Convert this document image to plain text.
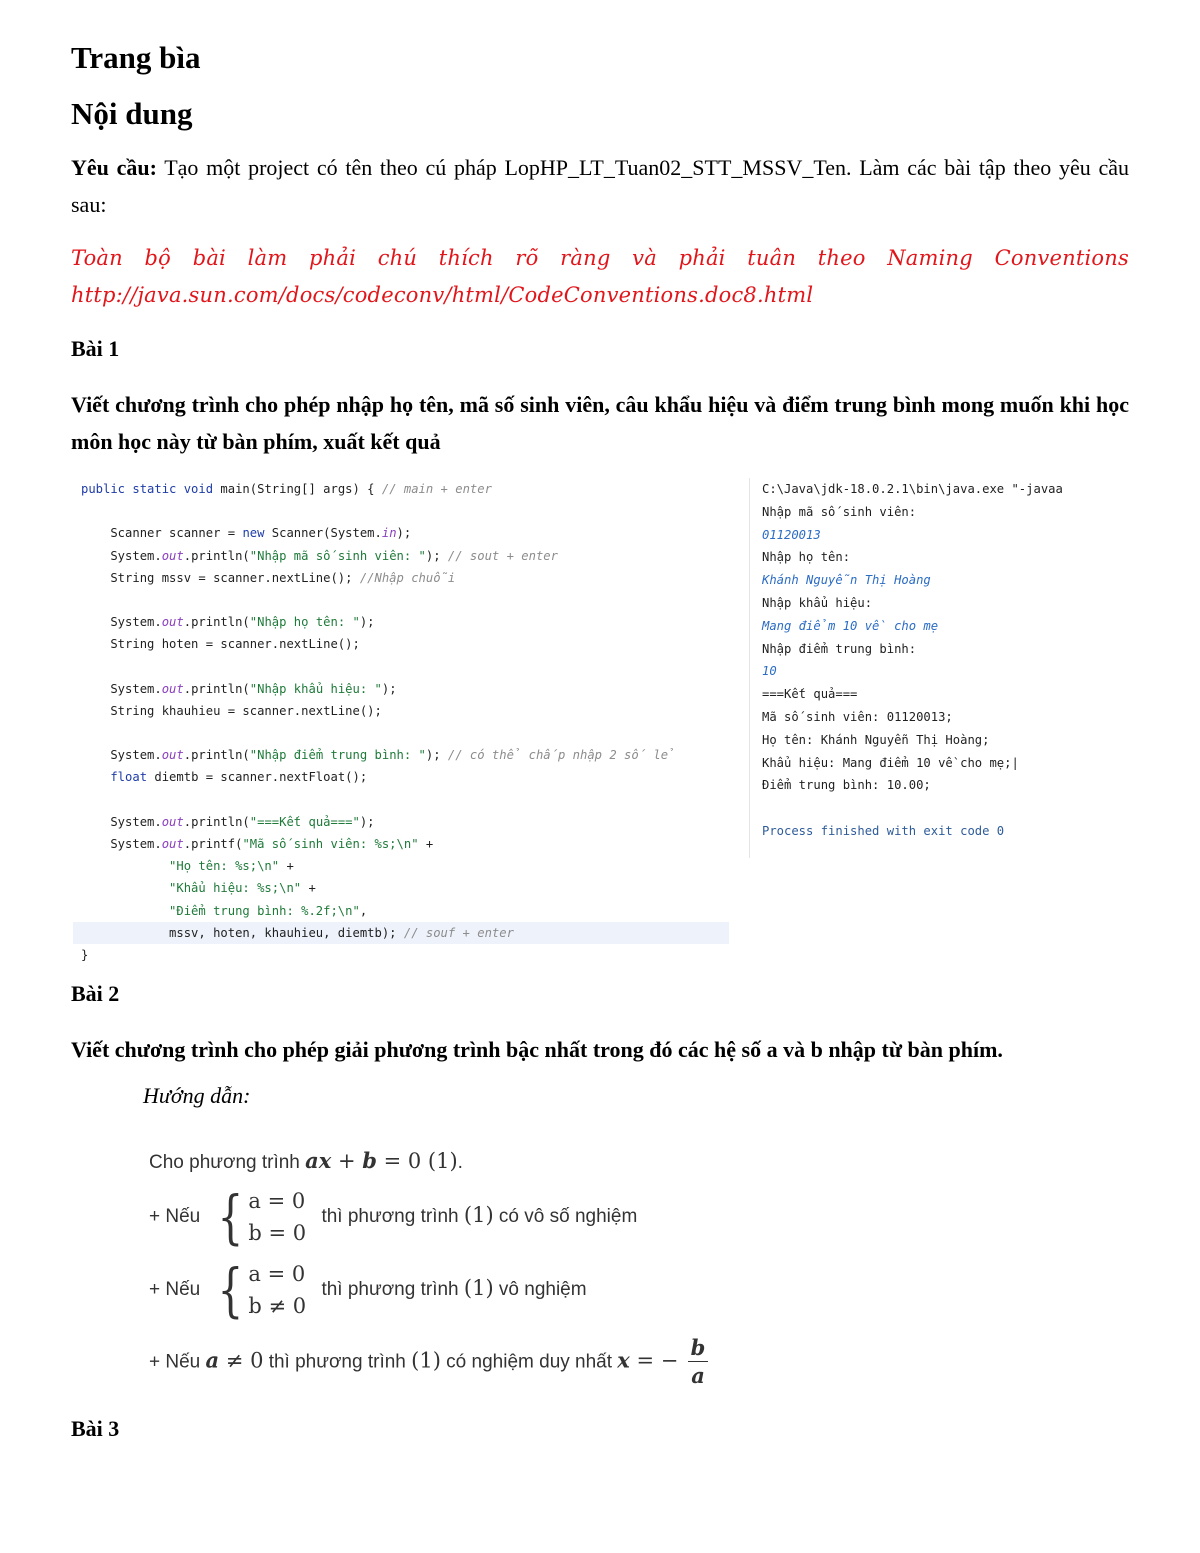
Trang bìa
Nội dung
Yêu cầu: Tạo một project có tên theo cú pháp LopHP_LT_Tuan02_STT_MSSV_Ten. Làm các bài tập theo yêu cầu sau:
Toàn bộ bài làm phải chú thích rõ ràng và phải tuân theo Naming Conventions
http://java.sun.com/docs/codeconv/html/CodeConventions.doc8.html
Bài 1
Viết chương trình cho phép nhập họ tên, mã số sinh viên, câu khẩu hiệu và điểm trung bình mong muốn khi học môn học này từ bàn phím, xuất kết quả
public static void main(String[] args) { // main + enter
Scanner scanner = new Scanner(System.in);
System.out.println("Nhập mã số sinh viên: "); // sout + enter
String mssv = scanner.nextLine(); //Nhập chuỗi
System.out.println("Nhập họ tên: ");
String hoten = scanner.nextLine();
System.out.println("Nhập khẩu hiệu: ");
String khauhieu = scanner.nextLine();
System.out.println("Nhập điểm trung bình: "); // có thể chấp nhập 2 số lẻ
float diemtb = scanner.nextFloat();
System.out.println("===Kết quả===");
System.out.printf("Mã số sinh viên: %s;\n" +
"Họ tên: %s;\n" +
"Khẩu hiệu: %s;\n" +
"Điểm trung bình: %.2f;\n",
mssv, hoten, khauhieu, diemtb); // souf + enter
}
C:\Java\jdk-18.0.2.1\bin\java.exe "-javaa
Nhập mã số sinh viên:
01120013
Nhập họ tên:
Khánh Nguyễn Thị Hoàng
Nhập khẩu hiệu:
Mang điểm 10 về cho mẹ
Nhập điểm trung bình:
10
===Kết quả===
Mã số sinh viên: 01120013;
Họ tên: Khánh Nguyễn Thị Hoàng;
Khẩu hiệu: Mang điểm 10 về cho mẹ;|
Điểm trung bình: 10.00;
Process finished with exit code 0
Bài 2
Viết chương trình cho phép giải phương trình bậc nhất trong đó các hệ số a và b nhập từ bàn phím.
Hướng dẫn:
Cho phương trình ax + b = 0 (1).
+ Nếu { a = 0
b = 0
thì phương trình (1) có vô số nghiệm
+ Nếu { a = 0
b ≠ 0
thì phương trình (1) vô nghiệm
+ Nếu a ≠ 0 thì phương trình (1) có nghiệm duy nhất x = − $\frac{b}{a}$
Bài 3
